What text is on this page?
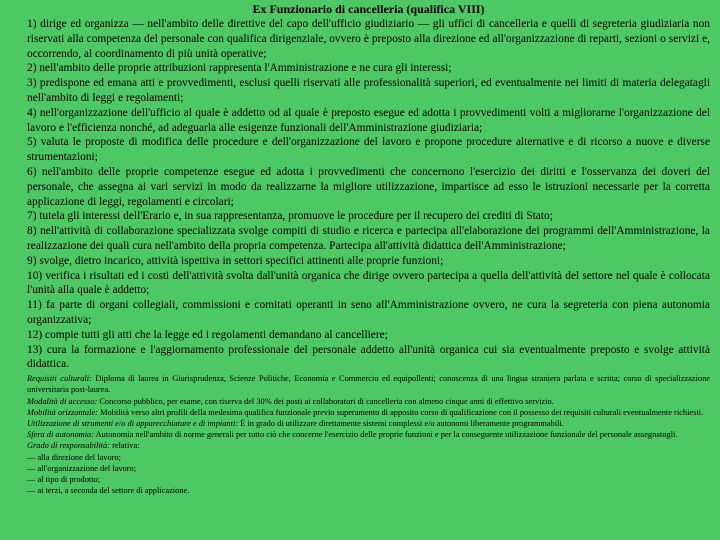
Ex Funzionario di cancelleria (qualifica VIII)

1) dirige ed organizza — nell'ambito delle direttive del capo dell'ufficio giudiziario — gli uffici di cancelleria e quelli di segreteria giudiziaria non riservati alla competenza del personale con qualifica dirigenziale, ovvero è preposto alla direzione ed all'organizzazione di reparti, sezioni o servizi e, occorrendo, al coordinamento di più unità operative;

2) nell'ambito delle proprie attribuzioni rappresenta l'Amministrazione e ne cura gli interessi;

3) predispone ed emana atti e provvedimenti, esclusi quelli riservati alle professionalità superiori, ed eventualmente nei limiti di materia delegatagli nell'ambito di leggi e regolamenti;

4) nell'organizzazione dell'ufficio al quale è addetto od al quale è preposto esegue ed adotta i provvedimenti volti a migliorarne l'organizzazione del lavoro e l'efficienza nonché, ad adeguarla alle esigenze funzionali dell'Amministrazione giudiziaria;

5) valuta le proposte di modifica delle procedure e dell'organizzazione del lavoro e propone procedure alternative e di ricorso a nuove e diverse strumentazioni;

6) nell'ambito delle proprie competenze esegue ed adotta i provvedimenti che concernono l'esercizio dei diritti e l'osservanza dei doveri del personale, che assegna ai vari servizi in modo da realizzarne la migliore utilizzazione, impartisce ad esso le istruzioni necessarie per la corretta applicazione di leggi, regolamenti e circolari;

7) tutela gli interessi dell'Erario e, in sua rappresentanza, promuove le procedure per il recupero dei crediti di Stato;

8) nell'attività di collaborazione specializzata svolge compiti di studio e ricerca e partecipa all'elaborazione dei programmi dell'Amministrazione, la realizzazione dei quali cura nell'ambito della propria competenza. Partecipa all'attività didattica dell'Amministrazione;

9) svolge, dietro incarico, attività ispettiva in settori specifici attinenti alle proprie funzioni;

10) verifica i risultati ed i costi dell'attività svolta dall'unità organica che dirige ovvero partecipa a quella dell'attività del settore nel quale è collocata l'unità alla quale è addetto;

11) fa parte di organi collegiali, commissioni e comitati operanti in seno all'Amministrazione ovvero, ne cura la segreteria con piena autonomia organizzativa;

12) compie tutti gli atti che la legge ed i regolamenti demandano al cancelliere;

13) cura la formazione e l'aggiornamento professionale del personale addetto all'unità organica cui sia eventualmente preposto e svolge attività didattica.

Requisiti culturali: Diploma di laurea in Giurisprudenza, Scienze Politiche, Economia e Commercio ed equipollenti; conoscenza di una lingua straniera parlata e scritta; corso di specializzazione universitaria post-laurea.

Modalità di accesso: Concorso pubblico, per esame, con riserva del 30% dei posti ai collaboratori di cancelleria con almeno cinque anni di effettivo servizio.

Mobilità orizzontale: Mobilità verso altri profili della medesima qualifica funzionale previo superamento di apposito corso di qualificazione con il possesso dei requisiti culturali eventualmente richiesti.

Utilizzazione di strumenti e/o di apparecchiature e di impianti: È in grado di utilizzare direttamente sistemi complessi e/o autonomi liberamente programmabili.

Sfera di autonomia: Autonomia nell'ambito di norme generali per tutto ciò che concerne l'esercizio delle proprie funzioni e per la conseguente utilizzazione funzionale del personale assegnatogli.

Grado di responsabilità: relativa:

— alla direzione del lavoro;

— all'organizzazione del lavoro;

— al tipo di prodotto;

— ai terzi, a seconda del settore di applicazione.
